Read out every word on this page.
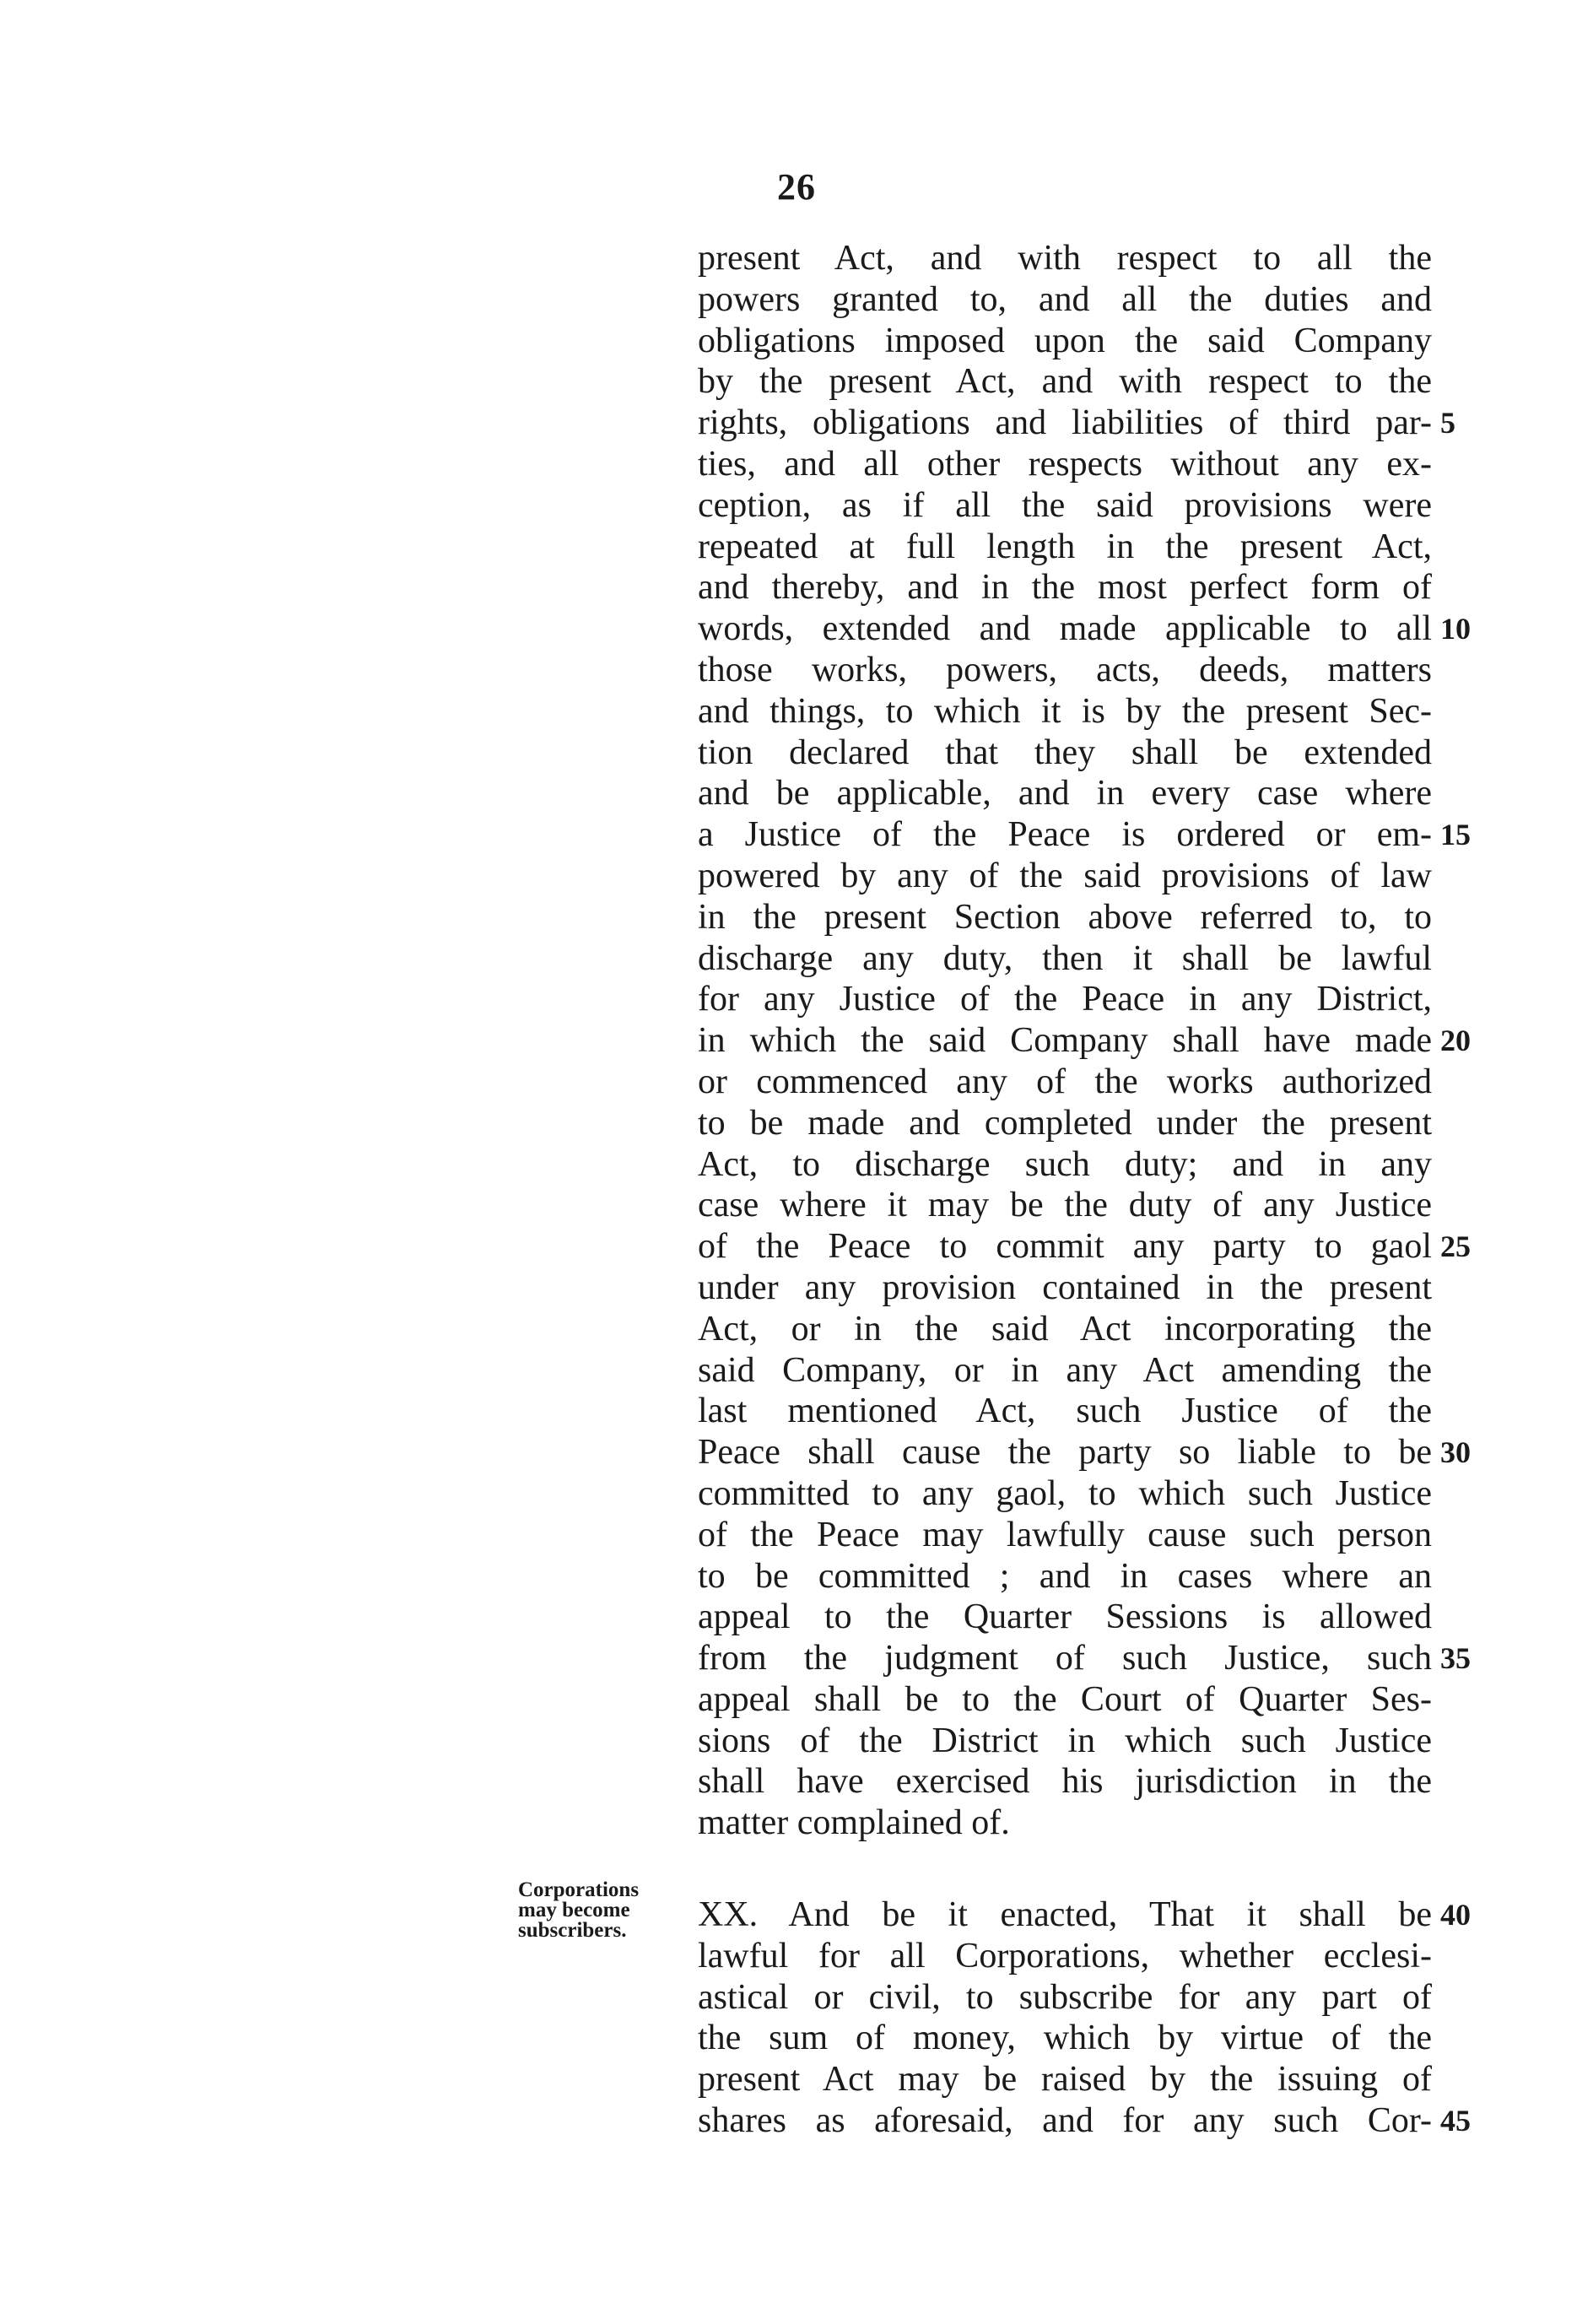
26
present Act, and with respect to all the
powers granted to, and all the duties and
obligations imposed upon the said Company
by the present Act, and with respect to the
rights, obligations and liabilities of third par- 5
ties, and all other respects without any ex-
ception, as if all the said provisions were
repeated at full length in the present Act,
and thereby, and in the most perfect form of
words, extended and made applicable to all 10
those works, powers, acts, deeds, matters
and things, to which it is by the present Sec-
tion declared that they shall be extended
and be applicable, and in every case where
a Justice of the Peace is ordered or em- 15
powered by any of the said provisions of law
in the present Section above referred to, to
discharge any duty, then it shall be lawful
for any Justice of the Peace in any District,
in which the said Company shall have made 20
or commenced any of the works authorized
to be made and completed under the present
Act, to discharge such duty; and in any
case where it may be the duty of any Justice
of the Peace to commit any party to gaol 25
under any provision contained in the present
Act, or in the said Act incorporating the
said Company, or in any Act amending the
last mentioned Act, such Justice of the
Peace shall cause the party so liable to be 30
committed to any gaol, to which such Justice
of the Peace may lawfully cause such person
to be committed ; and in cases where an
appeal to the Quarter Sessions is allowed
from the judgment of such Justice, such 35
appeal shall be to the Court of Quarter Ses-
sions of the District in which such Justice
shall have exercised his jurisdiction in the
matter complained of.
XX. And be it enacted, That it shall be 40
lawful for all Corporations, whether ecclesi-
astical or civil, to subscribe for any part of
the sum of money, which by virtue of the
present Act may be raised by the issuing of
shares as aforesaid, and for any such Cor- 45
Corporations
may become
subscribers.
